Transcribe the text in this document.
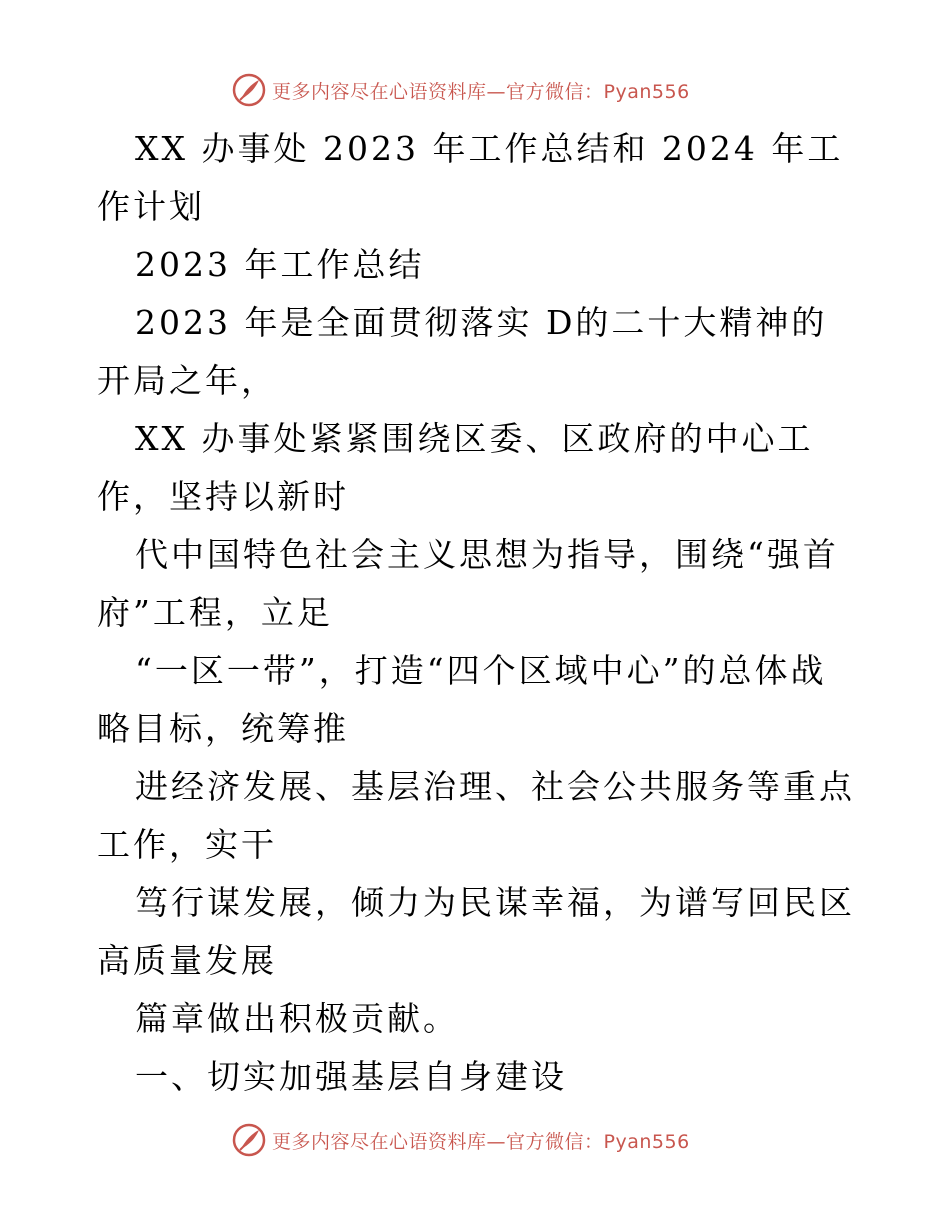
更多内容尽在心语资料库—官方微信：Pyan556

XX 办事处 2023 年工作总结和 2024 年工作计划

2023 年工作总结

2023 年是全面贯彻落实 D的二十大精神的开局之年，

XX 办事处紧紧围绕区委、区政府的中心工作，坚持以新时

代中国特色社会主义思想为指导，围绕“强首府”工程，立足

“一区一带”，打造“四个区域中心”的总体战略目标，统筹推

进经济发展、基层治理、社会公共服务等重点工作，实干

笃行谋发展，倾力为民谋幸福，为谱写回民区高质量发展

篇章做出积极贡献。

一、切实加强基层自身建设

更多内容尽在心语资料库—官方微信：Pyan556
